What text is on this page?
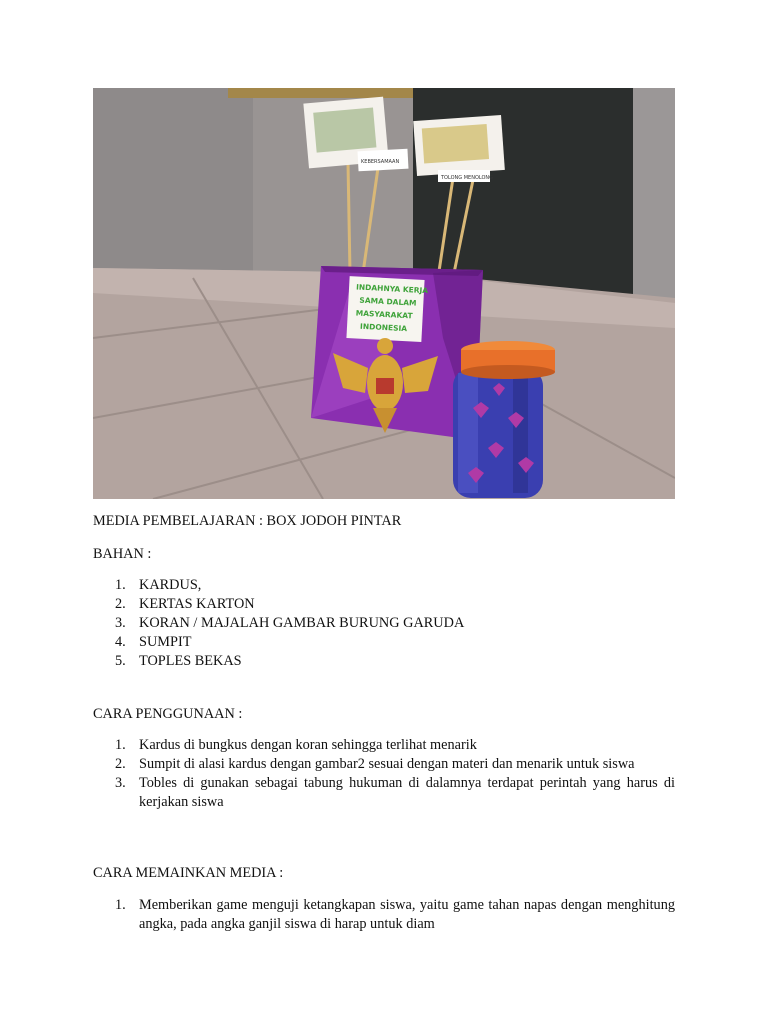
KEBERSAMAAN
TOLONG MENOLONG
INDAHNYA KERJA
SAMA DALAM
MASYARAKAT
INDONESIA
MEDIA PEMBELAJARAN : BOX JODOH PINTAR
BAHAN :
1. KARDUS,
2. KERTAS KARTON
3. KORAN / MAJALAH GAMBAR BURUNG GARUDA
4. SUMPIT
5. TOPLES BEKAS
CARA PENGGUNAAN :
1. Kardus di bungkus dengan koran sehingga terlihat menarik
2. Sumpit di alasi kardus dengan gambar2 sesuai dengan materi dan menarik untuk siswa
3. Tobles di gunakan sebagai tabung hukuman di dalamnya terdapat perintah yang harus di kerjakan siswa
CARA MEMAINKAN MEDIA :
1. Memberikan game menguji ketangkapan siswa, yaitu game tahan napas dengan menghitung angka, pada angka ganjil siswa di harap untuk diam
